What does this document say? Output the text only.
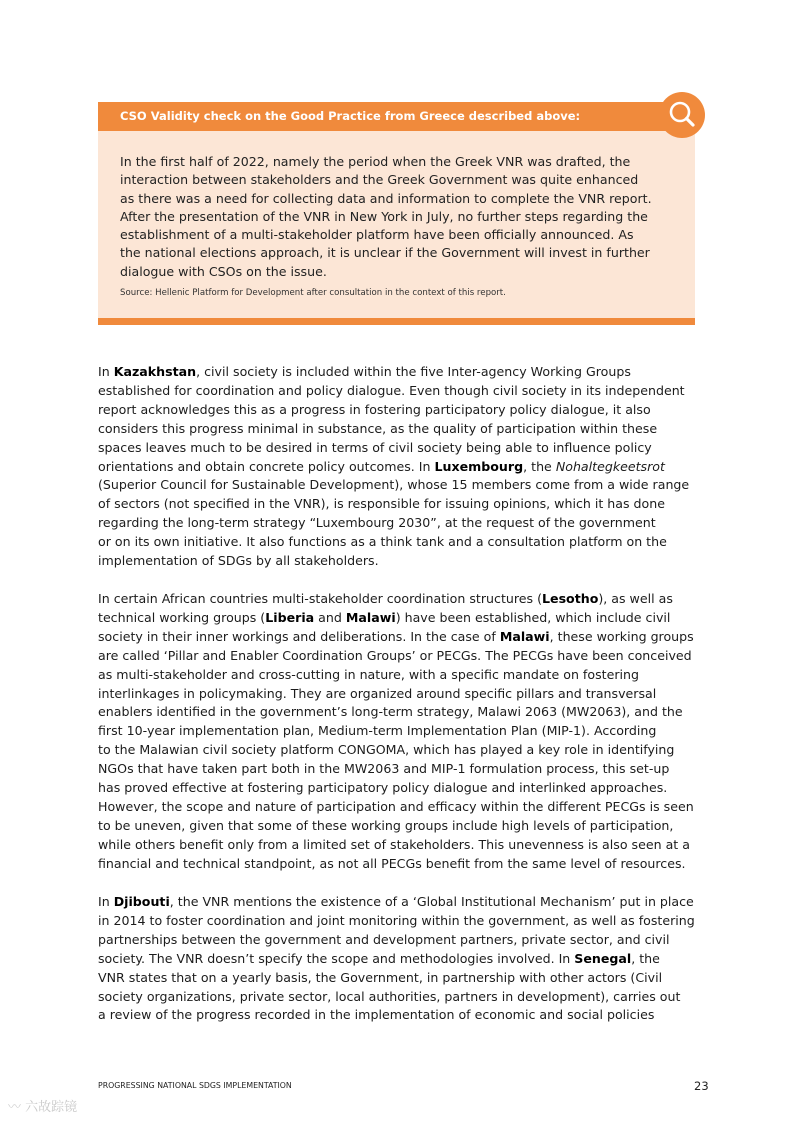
CSO Validity check on the Good Practice from Greece described above:
In the first half of 2022, namely the period when the Greek VNR was drafted, the
interaction between stakeholders and the Greek Government was quite enhanced
as there was a need for collecting data and information to complete the VNR report.
After the presentation of the VNR in New York in July, no further steps regarding the
establishment of a multi-stakeholder platform have been officially announced. As
the national elections approach, it is unclear if the Government will invest in further
dialogue with CSOs on the issue.
Source: Hellenic Platform for Development after consultation in the context of this report.
In Kazakhstan, civil society is included within the five Inter-agency Working Groups
established for coordination and policy dialogue. Even though civil society in its independent
report acknowledges this as a progress in fostering participatory policy dialogue, it also
considers this progress minimal in substance, as the quality of participation within these
spaces leaves much to be desired in terms of civil society being able to influence policy
orientations and obtain concrete policy outcomes. In Luxembourg, the Nohaltegkeetsrot
(Superior Council for Sustainable Development), whose 15 members come from a wide range
of sectors (not specified in the VNR), is responsible for issuing opinions, which it has done
regarding the long-term strategy “Luxembourg 2030”, at the request of the government
or on its own initiative. It also functions as a think tank and a consultation platform on the
implementation of SDGs by all stakeholders.
In certain African countries multi-stakeholder coordination structures (Lesotho), as well as
technical working groups (Liberia and Malawi) have been established, which include civil
society in their inner workings and deliberations. In the case of Malawi, these working groups
are called ‘Pillar and Enabler Coordination Groups’ or PECGs. The PECGs have been conceived
as multi-stakeholder and cross-cutting in nature, with a specific mandate on fostering
interlinkages in policymaking. They are organized around specific pillars and transversal
enablers identified in the government’s long-term strategy, Malawi 2063 (MW2063), and the
first 10-year implementation plan, Medium-term Implementation Plan (MIP-1). According
to the Malawian civil society platform CONGOMA, which has played a key role in identifying
NGOs that have taken part both in the MW2063 and MIP-1 formulation process, this set-up
has proved effective at fostering participatory policy dialogue and interlinked approaches.
However, the scope and nature of participation and efficacy within the different PECGs is seen
to be uneven, given that some of these working groups include high levels of participation,
while others benefit only from a limited set of stakeholders. This unevenness is also seen at a
financial and technical standpoint, as not all PECGs benefit from the same level of resources.
In Djibouti, the VNR mentions the existence of a ‘Global Institutional Mechanism’ put in place
in 2014 to foster coordination and joint monitoring within the government, as well as fostering
partnerships between the government and development partners, private sector, and civil
society. The VNR doesn’t specify the scope and methodologies involved. In Senegal, the
VNR states that on a yearly basis, the Government, in partnership with other actors (Civil
society organizations, private sector, local authorities, partners in development), carries out
a review of the progress recorded in the implementation of economic and social policies
PROGRESSING NATIONAL SDGS IMPLEMENTATION	23
〰 六故踪镜
